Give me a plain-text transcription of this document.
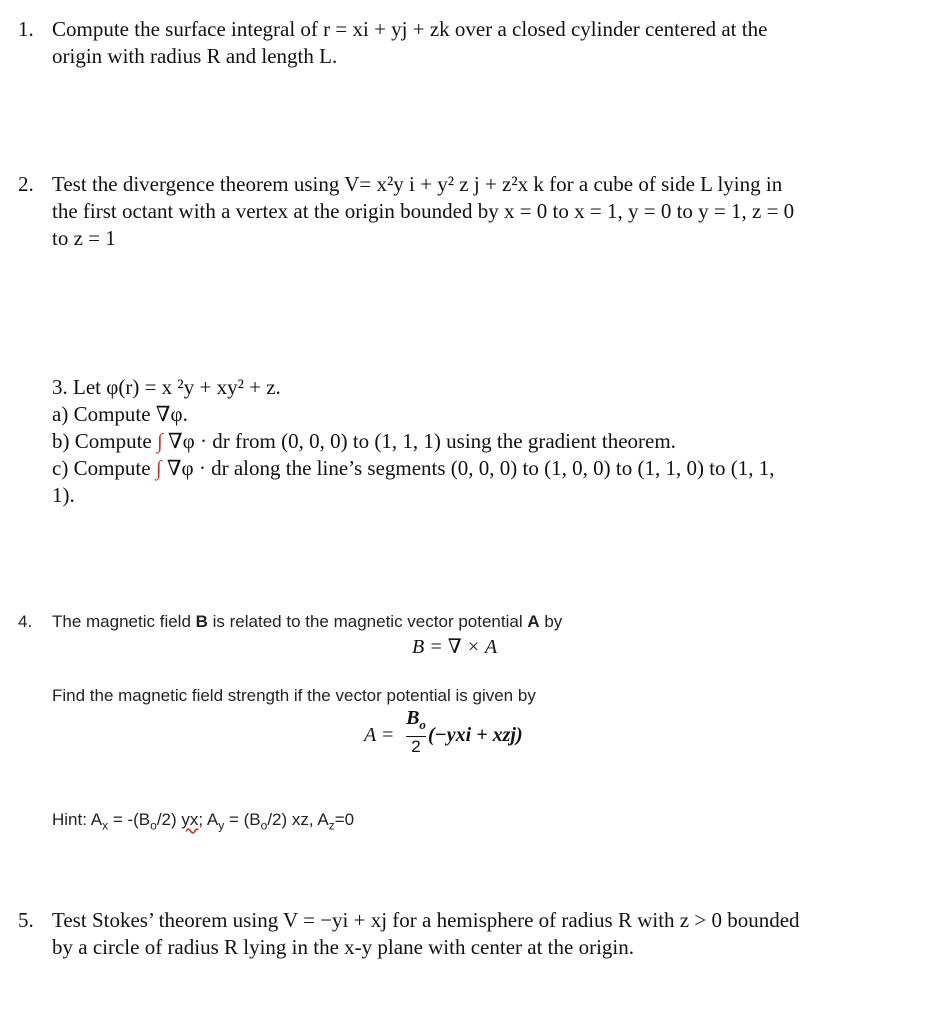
1. Compute the surface integral of r = xi + yj + zk over a closed cylinder centered at the
origin with radius R and length L.
2. Test the divergence theorem using V= x²y i + y² z j + z²x k for a cube of side L lying in
the first octant with a vertex at the origin bounded by x = 0 to x = 1, y = 0 to y = 1, z = 0
to z = 1
3. Let φ(r) = x ²y + xy² + z.
a) Compute ∇φ.
b) Compute ∫ ∇φ · dr from (0, 0, 0) to (1, 1, 1) using the gradient theorem.
c) Compute ∫ ∇φ · dr along the line’s segments (0, 0, 0) to (1, 0, 0) to (1, 1, 0) to (1, 1,
1).
4. The magnetic field B is related to the magnetic vector potential A by
B = ∇ × A
Find the magnetic field strength if the vector potential is given by
A =
$B_o$
2
(−yxi + xzj)
Hint: $A_x = -(B_o/2)$ yx; $A_y = (B_o/2)$ xz, $A_z=0$
5. Test Stokes’ theorem using V = −yi + xj for a hemisphere of radius R with z > 0 bounded
by a circle of radius R lying in the x-y plane with center at the origin.
